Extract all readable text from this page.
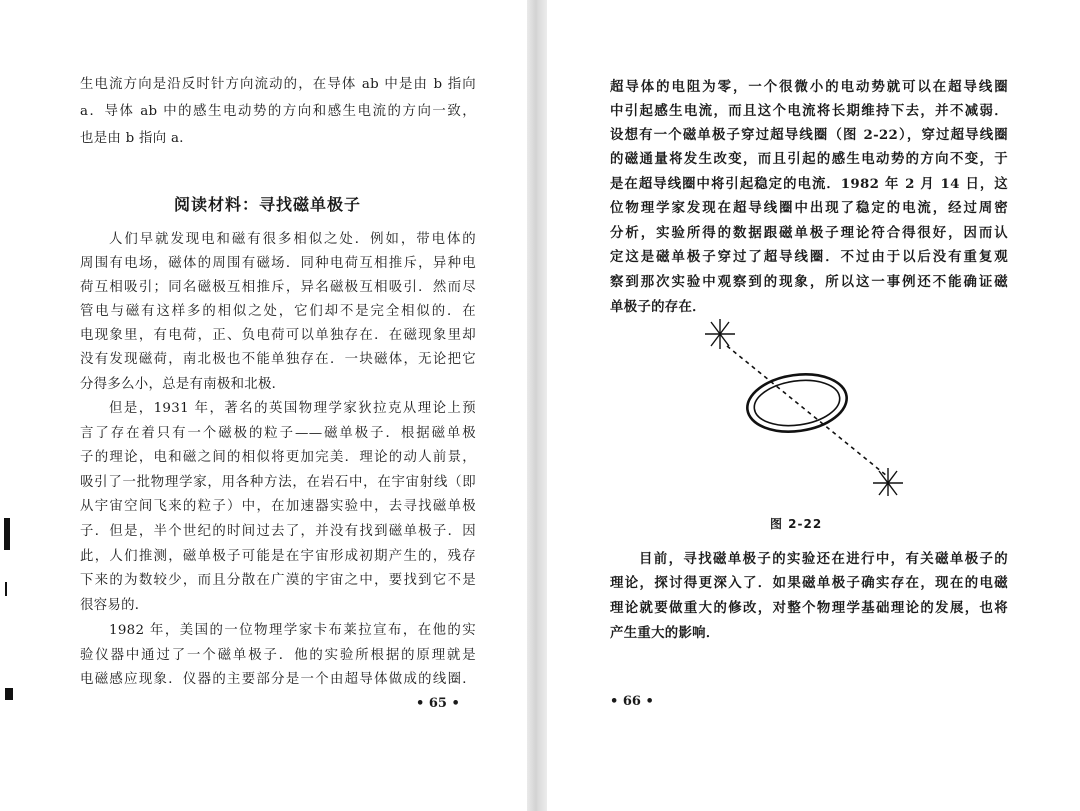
生电流方向是沿反时针方向流动的，在导体 ab 中是由 b 指向
a．导体 ab 中的感生电动势的方向和感生电流的方向一致，
也是由 b 指向 a．
阅读材料：寻找磁单极子
人们早就发现电和磁有很多相似之处．例如，带电体的
周围有电场，磁体的周围有磁场．同种电荷互相推斥，异种电
荷互相吸引；同名磁极互相推斥，异名磁极互相吸引．然而尽
管电与磁有这样多的相似之处，它们却不是完全相似的．在
电现象里，有电荷，正、负电荷可以单独存在．在磁现象里却
没有发现磁荷，南北极也不能单独存在．一块磁体，无论把它
分得多么小，总是有南极和北极．
但是，1931 年，著名的英国物理学家狄拉克从理论上预
言了存在着只有一个磁极的粒子——磁单极子．根据磁单极
子的理论，电和磁之间的相似将更加完美．理论的动人前景，
吸引了一批物理学家，用各种方法，在岩石中，在宇宙射线（即
从宇宙空间飞来的粒子）中，在加速器实验中，去寻找磁单极
子．但是，半个世纪的时间过去了，并没有找到磁单极子．因
此，人们推测，磁单极子可能是在宇宙形成初期产生的，残存
下来的为数较少，而且分散在广漠的宇宙之中，要找到它不是
很容易的．
1982 年，美国的一位物理学家卡布莱拉宣布，在他的实
验仪器中通过了一个磁单极子．他的实验所根据的原理就是
电磁感应现象．仪器的主要部分是一个由超导体做成的线圈．
• 65 •
超导体的电阻为零，一个很微小的电动势就可以在超导线圈
中引起感生电流，而且这个电流将长期维持下去，并不减弱．
设想有一个磁单极子穿过超导线圈（图 2-22），穿过超导线圈
的磁通量将发生改变，而且引起的感生电动势的方向不变，于
是在超导线圈中将引起稳定的电流．1982 年 2 月 14 日，这
位物理学家发现在超导线圈中出现了稳定的电流，经过周密
分析，实验所得的数据跟磁单极子理论符合得很好，因而认
定这是磁单极子穿过了超导线圈．不过由于以后没有重复观
察到那次实验中观察到的现象，所以这一事例还不能确证磁
单极子的存在．
图 2-22
目前，寻找磁单极子的实验还在进行中，有关磁单极子的
理论，探讨得更深入了．如果磁单极子确实存在，现在的电磁
理论就要做重大的修改，对整个物理学基础理论的发展，也将
产生重大的影响．
• 66 •
